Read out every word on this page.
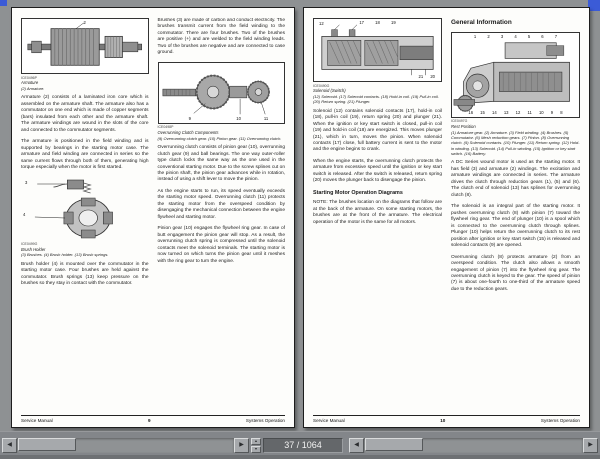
2
ICE0496P
Armature
(2) Armature.

Armature (2) consists of a laminated iron core which is assembled on the armature shaft. The armature also has a commutator on one end which is made of copper segments (bars) insulated from each other and the armature shaft. The armature windings are wound in the slots of the core and connected to the commutator segments.

The armature is positioned in the field winding and is supported by bearings in the starting motor case. The armature and field winding are connected in series so the same current flows through both of them, generating high torque especially when the motor is first started.

3
4
ICE0499G
Brush Holder
(3) Brushes. (4) Brush holder. (13) Brush springs.

Brush holder (4) is mounted over the commutator in the starting motor case. Four brushes are held against the commutator. Brush springs (13) keep pressure on the brushes so they stay in contact with the commutator.

Brushes (3) are made of carbon and conduct electricity. The brushes transmit current from the field winding to the commutator. There are four brushes. Two of the brushes are positive (+) and are welded to the field winding leads. Two of the brushes are negative and are connected to case ground.

9	10	11
ICE0498P
Overrunning Clutch Components
(9) Overrunning clutch gear. (10) Pinion gear. (11) Overrunning clutch.

Overrunning clutch consists of pinion gear (10), overrunning clutch gear (9) and ball bearings. The one way outer-roller type clutch locks the same way as the one used in the conventional starting motor. Due to the screw splines cut on the pinion shaft, the pinion gear advances while in rotation, instead of using a shift lever to move the pinion.

As the engine starts to run, its speed eventually exceeds the starting motor speed. Overrunning clutch (11) protects the starting motor from the overspeed condition by disengaging the mechanical connection between the engine flywheel and starting motor.

Pinion gear (10) engages the flywheel ring gear. In case of butt engagement the pinion gear will stop. As a result, the overrunning clutch spring is compressed until the solenoid contacts meet the solenoid terminals. The starting motor is now turned on which turns the pinion gear until it meshes with the ring gear to turn the engine.

Service Manual	9	Systems Operation
12	17 18 19
21 20
ICE0490G
Solenoid (Switch)
(12) Solenoid. (17) Solenoid contacts. (18) Hold-in coil. (19) Pull-in coil. (20) Return spring. (21) Plunger.

Solenoid (12) contains solenoid contacts (17), hold-in coil (18), pull-in coil (19), return spring (20) and plunger (21). When the ignition or key start switch is closed, pull-in coil (19) and hold-in coil (18) are energized. This moves plunger (21), which in turn, moves the pinion. When solenoid contacts (17) close, full battery current is sent to the motor and the engine begins to crank.

When the engine starts, the overrunning clutch protects the armature from excessive speed until the ignition or key start switch is released. After the switch is released, return spring (20) moves the plunger back to disengage the pinion.

Starting Motor Operation Diagrams

NOTE: The brushes location on the diagrams that follow are at the back of the armature. On some starting motors, the brushes are at the front of the armature. The electrical operation of the motor is the same for all motors.

General Information
1 2 3 4 5 6 7
16 15 14 13 12 11 10 9 8
ICE0497G
Rest Position
(1) Armature gear. (2) Armature. (3) Field winding. (4) Brushes. (5) Commutator. (6) Mesh reduction gears. (7) Pinion. (8) Overrunning clutch. (9) Solenoid contacts. (10) Plunger. (11) Return spring. (12) Hold-in winding. (13) Solenoid. (14) Pull-in winding. (15) Ignition or key start switch. (16) Battery.

A DC Series wound motor is used as the starting motor. It has field (3) and armature (2) windings. The excitation and armature windings are connected in series. The armature drives the clutch through reduction gears (1), (5) and (6). The clutch end of solenoid (13) has splines for overrunning clutch (8).

The solenoid is an integral part of the starting motor. It pushes overrunning clutch (8) with pinion (7) toward the flywheel ring gear. The end of plunger (10) is a spool which is connected to the overrunning clutch through splines. Plunger (10) helps return the overrunning clutch to its rest position after ignition or key start switch (15) is released and solenoid contacts (9) are opened.

Overrunning clutch (8) protects armature (2) from an overspeed condition. The clutch also allows a smooth engagement of pinion (7) into the flywheel ring gear. The overrunning clutch is keyed to the gear. The speed of pinion (7) is about one-fourth to one-third of the armature speed due to the reduction gears.

Service Manual	10	Systems Operation
◀	▶
▲
▼	37 / 1064	◀	▶
